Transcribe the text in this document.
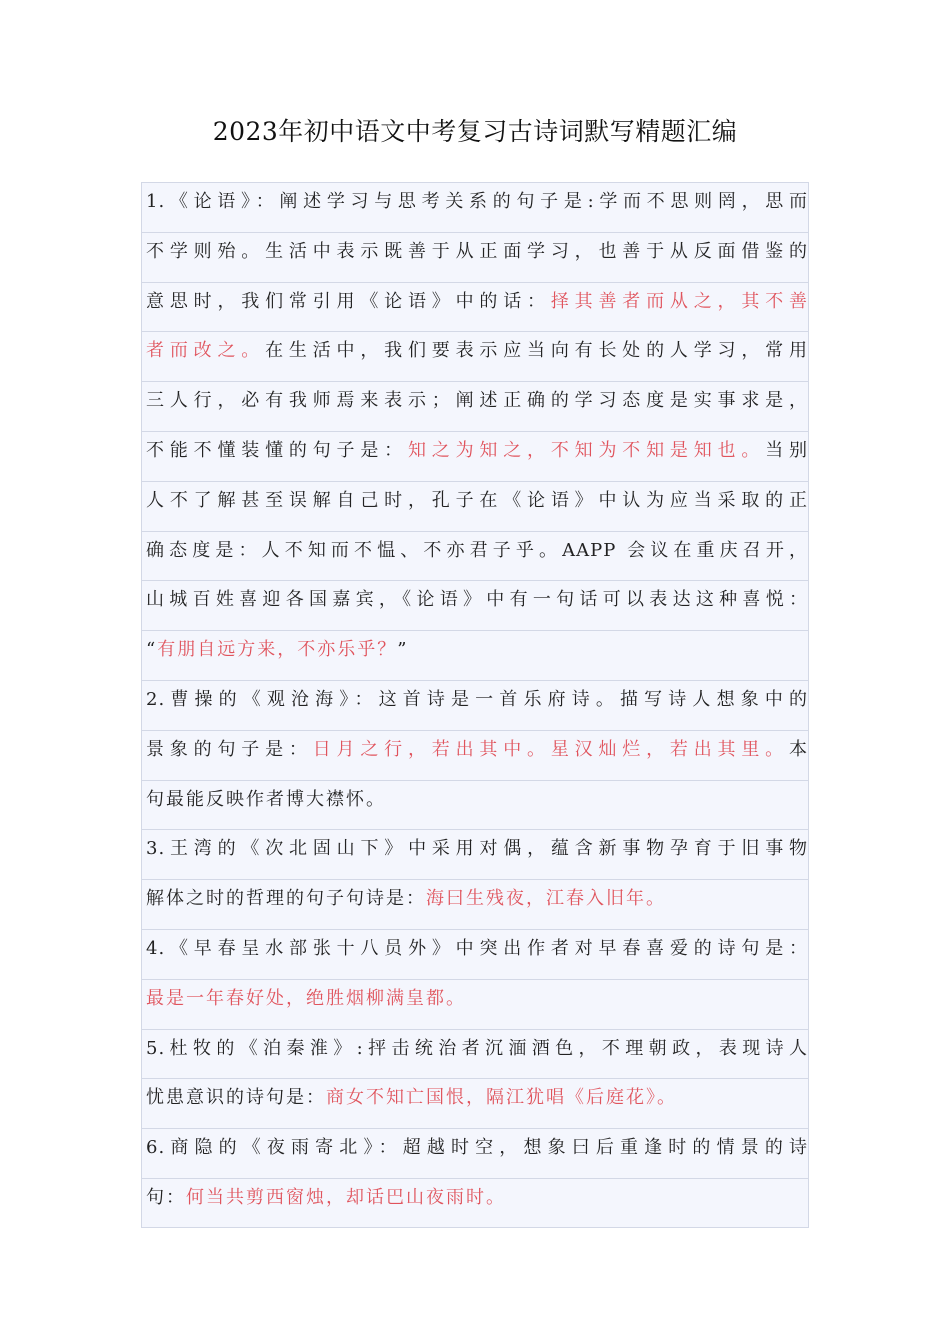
2023年初中语文中考复习古诗词默写精题汇编
1.《论语》：阐述学习与思考关系的句子是:学而不思则罔，思而
不学则殆。生活中表示既善于从正面学习，也善于从反面借鉴的
意思时，我们常引用《论语》中的话：择其善者而从之，其不善
者而改之。在生活中，我们要表示应当向有长处的人学习，常用
三人行，必有我师焉来表示；阐述正确的学习态度是实事求是，
不能不懂装懂的句子是：知之为知之，不知为不知是知也。当别
人不了解甚至误解自己时，孔子在《论语》中认为应当采取的正
确态度是：人不知而不愠、不亦君子乎。AAPP 会议在重庆召开，
山城百姓喜迎各国嘉宾，《论语》中有一句话可以表达这种喜悦：
“有朋自远方来，不亦乐乎？”
2.曹操的《观沧海》：这首诗是一首乐府诗。描写诗人想象中的
景象的句子是：日月之行，若出其中。星汉灿烂，若出其里。本
句最能反映作者博大襟怀。
3.王湾的《次北固山下》中采用对偶，蕴含新事物孕育于旧事物
解体之时的哲理的句子句诗是：海曰生残夜，江春入旧年。
4.《早春呈水部张十八员外》中突出作者对早春喜爱的诗句是：
最是一年春好处，绝胜烟柳满皇都。
5.杜牧的《泊秦淮》:抨击统治者沉湎酒色，不理朝政，表现诗人
忧患意识的诗句是：商女不知亡国恨，隔江犹唱《后庭花》。
6.商隐的《夜雨寄北》：超越时空，想象曰后重逢时的情景的诗
句：何当共剪西窗烛，却话巴山夜雨时。
